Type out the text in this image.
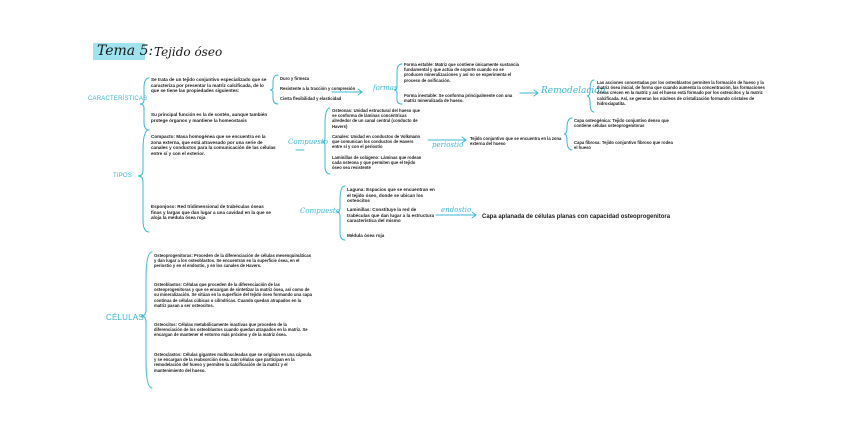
Tema 5: Tejido óseo
CARACTERÍSTICAS
TIPOS
CÉLULAS
Se trata de un tejido conjuntivo especializado que se caracteriza por presentar la matriz calcificada, de lo que se tiene las propiedades siguientes:
Su principal función es la de sostén, aunque también protege órganos y mantiene la homeostasis
Duro y firmeza
Resistente a la tracción y compresión
Cierta flexibilidad y elasticidad
formas
Forma estable: Matriz que contiene únicamente sustancia fundamental y que actúa de soporte cuando no se producen mineralizaciones y así no se experimenta el proceso de osificación.
Forma inestable: Se conforma principalmente con una matriz mineralizada de hueso.
Remodelación
Las acciones concertadas por los osteoblastos permiten la formación de hueso y la matriz ósea inicial, de forma que cuando aumenta la concentración, las formaciones óseas crecen en la matriz y así el hueso está formado por los osteocitos y la matriz calcificada. Así, se generan los núcleos de cristalización formando cristales de hidroxiapatita.
Compacto: Masa homogénea que se encuentra en la zona externa, que está atravesado por una serie de canales y conductos para la comunicación de las células entre sí y con el exterior.
Compuesto
Osteonas: Unidad estructural del hueso que se conforma de láminas concéntricas alrededor de un canal central (conducto de Havers)
Canales: Unidad en conductos de Volkmann que comunican los conductos de Havers entre sí y con el periostio
Laminillas de colágeno: Láminas que rodean cada osteona y que permiten que el tejido óseo sea resistente
periostio
Tejido conjuntivo que se encuentra en la zona externa del hueso
Capa osteogénica: Tejido conjuntivo denso que contiene células osteoprogenitoras
Capa fibrosa: Tejido conjuntivo fibroso que rodea el hueso
Esponjoso: Red tridimensional de trabéculas óseas finas y largas que dan lugar a una cavidad en la que se aloja la médula ósea roja
Compuesto
Laguna: Espacios que se encuentran en el tejido óseo, donde se ubican los osteocitos
Laminillas: Constituye la red de trabéculas que dan lugar a la estructura característica del mismo
Médula ósea roja
endostio
Capa aplanada de células planas con capacidad osteoprogenitora
Osteoprogenitoras: Proceden de la diferenciación de células mesenquimáticas y dan lugar a los osteoblastos. Se encuentran en la superficie ósea, en el periostio y en el endostio, y en los canales de Havers.
Osteoblastos: Células que proceden de la diferenciación de las osteoprogenitoras y que se encargan de sintetizar la matriz ósea, así como de su mineralización. Se sitúan en la superficie del tejido óseo formando una capa continua de células cúbicas o cilíndricas. Cuando quedan atrapados en la matriz pasan a ser osteocitos.
Osteocitos: Células metabólicamente inactivas que proceden de la diferenciación de los osteoblastos cuando quedan atrapados en la matriz. Se encargan de mantener el entorno más próximo y de la matriz ósea.
Osteoclastos: Células gigantes multinucleadas que se originan en una cápsula y se encargan de la reabsorción ósea. Son células que participan en la remodelación del hueso y permiten la calcificación de la matriz y el mantenimiento del hueso.
